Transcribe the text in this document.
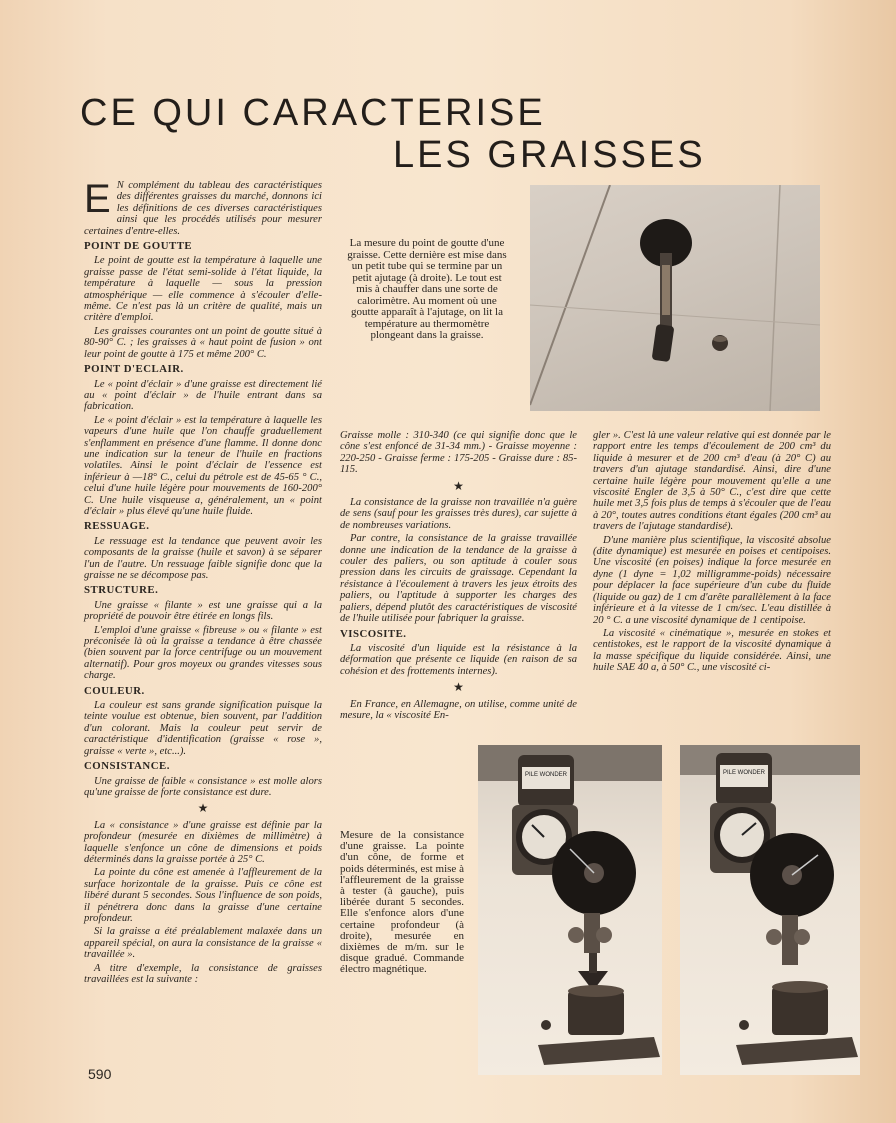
CE QUI CARACTERISE
LES GRAISSES

E N complément du tableau des caractéristiques des différentes graisses du marché, donnons ici les définitions de ces diverses caractéristiques ainsi que les procédés utilisés pour mesurer certaines d'entre-elles.

POINT DE GOUTTE

Le point de goutte est la température à laquelle une graisse passe de l'état semi-solide à l'état liquide, la température à laquelle — sous la pression atmosphérique — elle commence à s'écouler d'elle-même. Ce n'est pas là un critère de qualité, mais un critère d'emploi.

Les graisses courantes ont un point de goutte situé à 80-90° C. ; les graisses à « haut point de fusion » ont leur point de goutte à 175 et même 200° C.

POINT D'ECLAIR.

Le « point d'éclair » d'une graisse est directement lié au « point d'éclair » de l'huile entrant dans sa fabrication.

Le « point d'éclair » est la température à laquelle les vapeurs d'une huile que l'on chauffe graduellement s'enflamment en présence d'une flamme. Il donne donc une indication sur la teneur de l'huile en fractions volatiles. Ainsi le point d'éclair de l'essence est inférieur à —18° C., celui du pétrole est de 45-65 ° C., celui d'une huile légère pour mouvements de 160-200° C. Une huile visqueuse a, généralement, un « point d'éclair » plus élevé qu'une huile fluide.

RESSUAGE.

Le ressuage est la tendance que peuvent avoir les composants de la graisse (huile et savon) à se séparer l'un de l'autre. Un ressuage faible signifie donc que la graisse ne se décompose pas.

STRUCTURE.

Une graisse « filante » est une graisse qui a la propriété de pouvoir être étirée en longs fils.

L'emploi d'une graisse « fibreuse » ou « filante » est préconisée là où la graisse a tendance à être chassée (bien souvent par la force centrifuge ou un mouvement alternatif). Pour gros moyeux ou grandes vitesses sous charge.

COULEUR.

La couleur est sans grande signification puisque la teinte voulue est obtenue, bien souvent, par l'addition d'un colorant. Mais la couleur peut servir de caractéristique d'identification (graisse « rose », graisse « verte », etc...).

CONSISTANCE.

Une graisse de faible « consistance » est molle alors qu'une graisse de forte consistance est dure.

★

La « consistance » d'une graisse est définie par la profondeur (mesurée en dixièmes de millimètre) à laquelle s'enfonce un cône de dimensions et poids déterminés dans la graisse portée à 25° C.

La pointe du cône est amenée à l'affleurement de la surface horizontale de la graisse. Puis ce cône est libéré durant 5 secondes. Sous l'influence de son poids, il pénétrera donc dans la graisse d'une certaine profondeur.

Si la graisse a été préalablement malaxée dans un appareil spécial, on aura la consistance de la graisse « travaillée ».

A titre d'exemple, la consistance de graisses travaillées est la suivante :

La mesure du point de goutte d'une graisse. Cette dernière est mise dans un petit tube qui se termine par un petit ajutage (à droite). Le tout est mis à chauffer dans une sorte de calorimètre. Au moment où une goutte apparaît à l'ajutage, on lit la température au thermomètre plongeant dans la graisse.

Graisse molle : 310-340 (ce qui signifie donc que le cône s'est enfoncé de 31-34 mm.) - Graisse moyenne : 220-250 - Graisse ferme : 175-205 - Graisse dure : 85-115.

★

La consistance de la graisse non travaillée n'a guère de sens (sauf pour les graisses très dures), car sujette à de nombreuses variations.

Par contre, la consistance de la graisse travaillée donne une indication de la tendance de la graisse à couler des paliers, ou son aptitude à couler sous pression dans les circuits de graissage. Cependant la résistance à l'écoulement à travers les jeux étroits des paliers, ou l'aptitude à supporter les charges des paliers, dépend plutôt des caractéristiques de viscosité de l'huile utilisée pour fabriquer la graisse.

VISCOSITE.

La viscosité d'un liquide est la résistance à la déformation que présente ce liquide (en raison de sa cohésion et des frottements internes).

★

En France, en Allemagne, on utilise, comme unité de mesure, la « viscosité En-

gler ». C'est là une valeur relative qui est donnée par le rapport entre les temps d'écoulement de 200 cm³ du liquide à mesurer et de 200 cm³ d'eau (à 20° C) au travers d'un ajutage standardisé. Ainsi, dire d'une certaine huile légère pour mouvement qu'elle a une viscosité Engler de 3,5 à 50° C., c'est dire que cette huile met 3,5 fois plus de temps à s'écouler que de l'eau à 20°, toutes autres conditions étant égales (200 cm³ au travers de l'ajutage standardisé).

D'une manière plus scientifique, la viscosité absolue (dite dynamique) est mesurée en poises et centipoises. Une viscosité (en poises) indique la force mesurée en dyne (1 dyne = 1,02 milligramme-poids) nécessaire pour déplacer la face supérieure d'un cube du fluide (liquide ou gaz) de 1 cm d'arête parallèlement à la face inférieure et à la vitesse de 1 cm/sec. L'eau distillée à 20 ° C. a une viscosité dynamique de 1 centipoise.

La viscosité « cinématique », mesurée en stokes et centistokes, est le rapport de la viscosité dynamique à la masse spécifique du liquide considérée. Ainsi, une huile SAE 40 a, à 50° C., une viscosité ci-

Mesure de la consistance d'une graisse. La pointe d'un cône, de forme et poids déterminés, est mise à l'affleurement de la graisse à tester (à gauche), puis libérée durant 5 secondes. Elle s'enfonce alors d'une certaine profondeur (à droite), mesurée en dixièmes de m/m. sur le disque gradué. Commande électro magnétique.
PILE WONDER	PILE WONDER
590
